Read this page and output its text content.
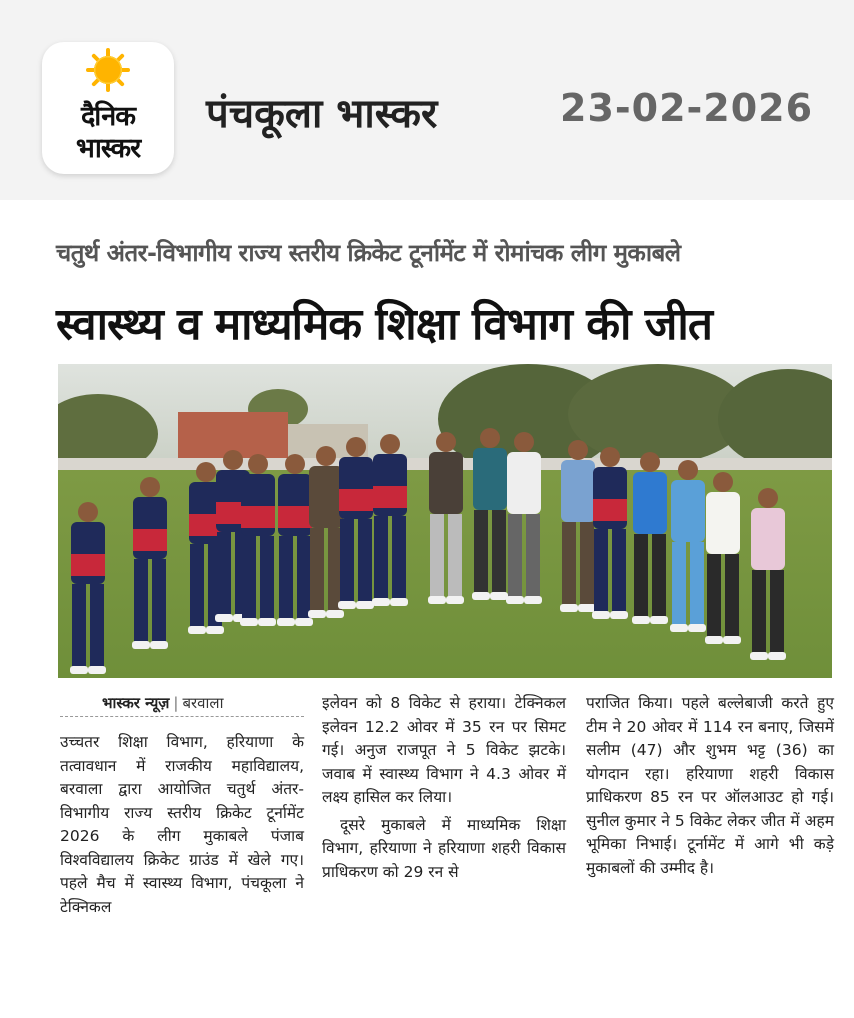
दैनिक
भास्कर
पंचकूला भास्कर	23-02-2026
चतुर्थ अंतर-विभागीय राज्य स्तरीय क्रिकेट टूर्नामेंट में रोमांचक लीग मुकाबले
स्वास्थ्य व माध्यमिक शिक्षा विभाग की जीत
भास्कर न्यूज़ | बरवाला
उच्चतर शिक्षा विभाग, हरियाणा के तत्वावधान में राजकीय महाविद्यालय, बरवाला द्वारा आयोजित चतुर्थ अंतर-विभागीय राज्य स्तरीय क्रिकेट टूर्नामेंट 2026 के लीग मुकाबले पंजाब विश्वविद्यालय क्रिकेट ग्राउंड में खेले गए। पहले मैच में स्वास्थ्य विभाग, पंचकूला ने टेक्निकल
इलेवन को 8 विकेट से हराया। टेक्निकल इलेवन 12.2 ओवर में 35 रन पर सिमट गई। अनुज राजपूत ने 5 विकेट झटके। जवाब में स्वास्थ्य विभाग ने 4.3 ओवर में लक्ष्य हासिल कर लिया।
दूसरे मुकाबले में माध्यमिक शिक्षा विभाग, हरियाणा ने हरियाणा शहरी विकास प्राधिकरण को 29 रन से
पराजित किया। पहले बल्लेबाजी करते हुए टीम ने 20 ओवर में 114 रन बनाए, जिसमें सलीम (47) और शुभम भट्ट (36) का योगदान रहा। हरियाणा शहरी विकास प्राधिकरण 85 रन पर ऑलआउट हो गई। सुनील कुमार ने 5 विकेट लेकर जीत में अहम भूमिका निभाई। टूर्नामेंट में आगे भी कड़े मुकाबलों की उम्मीद है।
